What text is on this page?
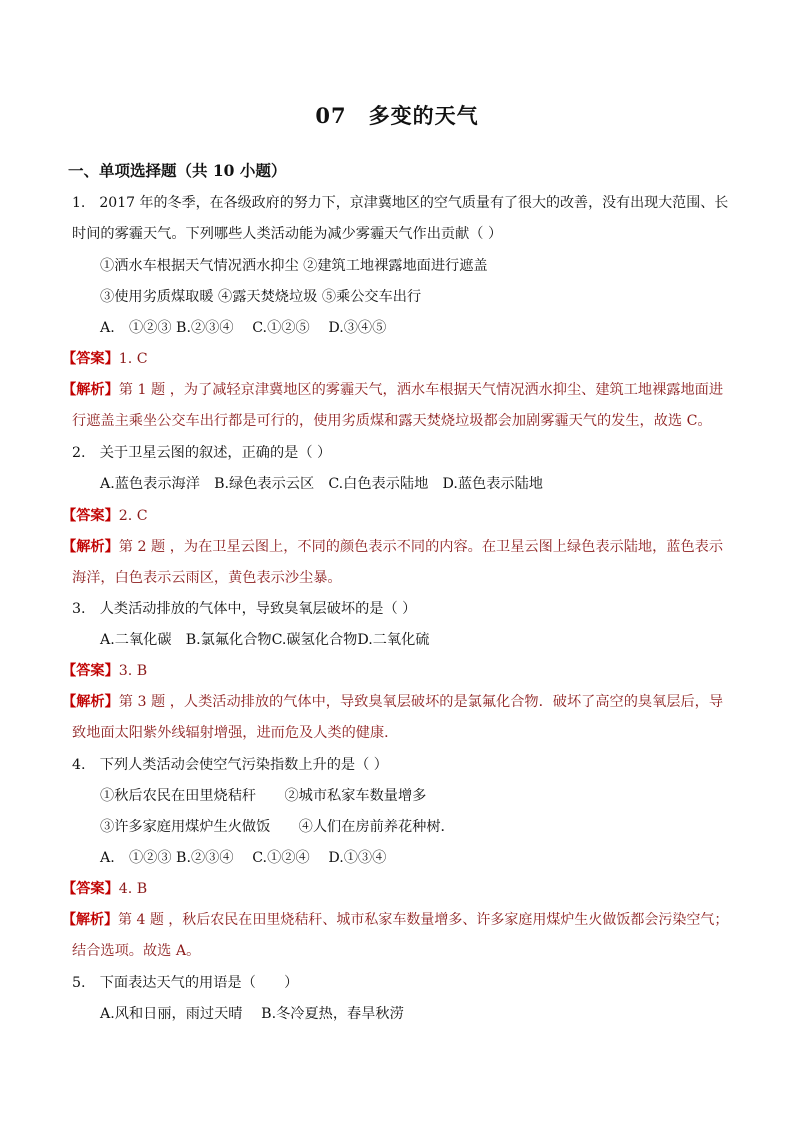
07 多变的天气
一、单项选择题（共 10 小题）
1.　2017 年的冬季，在各级政府的努力下，京津冀地区的空气质量有了很大的改善，没有出现大范围、长
时间的雾霾天气。下列哪些人类活动能为减少雾霾天气作出贡献（ ）
①洒水车根据天气情况洒水抑尘 ②建筑工地裸露地面进行遮盖
③使用劣质煤取暖 ④露天焚烧垃圾 ⑤乘公交车出行
A.　①②③ B.②③④　 C.①②⑤　 D.③④⑤
【答案】1. C
【解析】第 1 题 ，为了减轻京津冀地区的雾霾天气，洒水车根据天气情况洒水抑尘、建筑工地裸露地面进
行遮盖主乘坐公交车出行都是可行的，使用劣质煤和露天焚烧垃圾都会加剧雾霾天气的发生，故选 C。
2.　关于卫星云图的叙述，正确的是（ ）
A.蓝色表示海洋　B.绿色表示云区　C.白色表示陆地　D.蓝色表示陆地
【答案】2. C
【解析】第 2 题 ，为在卫星云图上，不同的颜色表示不同的内容。在卫星云图上绿色表示陆地，蓝色表示
海洋，白色表示云雨区，黄色表示沙尘暴。
3.　人类活动排放的气体中，导致臭氧层破坏的是（ ）
A.二氧化碳　B.氯氟化合物C.碳氢化合物D.二氧化硫
【答案】3. B
【解析】第 3 题 ，人类活动排放的气体中，导致臭氧层破坏的是氯氟化合物．破坏了高空的臭氧层后，导
致地面太阳紫外线辐射增强，进而危及人类的健康．
4.　下列人类活动会使空气污染指数上升的是（ ）
①秋后农民在田里烧秸秆　　②城市私家车数量增多
③许多家庭用煤炉生火做饭　　④人们在房前养花种树．
A.　①②③ B.②③④　 C.①②④　 D.①③④
【答案】4. B
【解析】第 4 题 ，秋后农民在田里烧秸秆、城市私家车数量增多、许多家庭用煤炉生火做饭都会污染空气；
结合选项。故选 A。
5.　下面表达天气的用语是（　　）
A.风和日丽，雨过天晴　 B.冬冷夏热，春旱秋涝
